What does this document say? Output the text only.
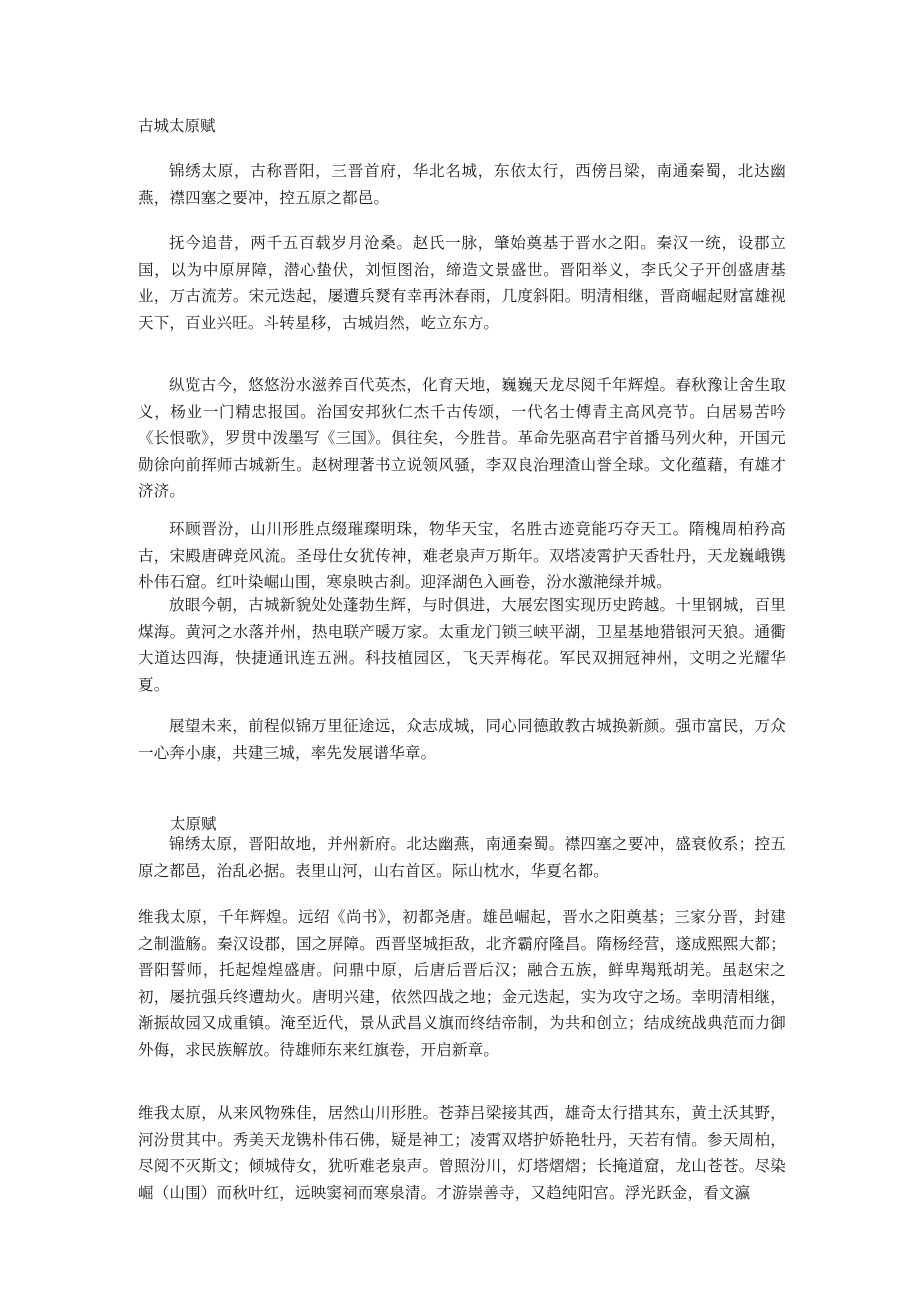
古城太原赋

锦绣太原，古称晋阳，三晋首府，华北名城，东依太行，西傍吕梁，南通秦蜀，北达幽燕，襟四塞之要冲，控五原之都邑。

抚今追昔，两千五百载岁月沧桑。赵氏一脉，肇始奠基于晋水之阳。秦汉一统，设郡立国，以为中原屏障，潜心蛰伏，刘恒图治，缔造文景盛世。晋阳举义，李氏父子开创盛唐基业，万古流芳。宋元迭起，屡遭兵燹有幸再沐春雨，几度斜阳。明清相继，晋商崛起财富雄视天下，百业兴旺。斗转星移，古城岿然，屹立东方。

纵览古今，悠悠汾水滋养百代英杰，化育天地，巍巍天龙尽阅千年辉煌。春秋豫让舍生取义，杨业一门精忠报国。治国安邦狄仁杰千古传颂，一代名士傅青主高风亮节。白居易苦吟《长恨歌》，罗贯中泼墨写《三国》。俱往矣，今胜昔。革命先驱高君宇首播马列火种，开国元勋徐向前挥师古城新生。赵树理著书立说领风骚，李双良治理渣山誉全球。文化蕴藉，有雄才济济。

环顾晋汾，山川形胜点缀璀璨明珠，物华天宝，名胜古迹竟能巧夺天工。隋槐周柏矜高古，宋殿唐碑竞风流。圣母仕女犹传神，难老泉声万斯年。双塔凌霄护天香牡丹，天龙巍峨镌朴伟石窟。红叶染崛山围，寒泉映古刹。迎泽湖色入画卷，汾水激滟绿并城。

放眼今朝，古城新貌处处蓬勃生辉，与时俱进，大展宏图实现历史跨越。十里钢城，百里煤海。黄河之水落并州，热电联产暖万家。太重龙门锁三峡平湖，卫星基地猎银河天狼。通衢大道达四海，快捷通讯连五洲。科技植园区，飞天弄梅花。军民双拥冠神州，文明之光耀华夏。

展望未来，前程似锦万里征途远，众志成城，同心同德敢教古城换新颜。强市富民，万众一心奔小康，共建三城，率先发展谱华章。

太原赋

锦绣太原，晋阳故地，并州新府。北达幽燕，南通秦蜀。襟四塞之要冲，盛衰攸系；控五原之都邑，治乱必据。表里山河，山右首区。际山枕水，华夏名都。

维我太原，千年辉煌。远绍《尚书》，初都尧唐。雄邑崛起，晋水之阳奠基；三家分晋，封建之制滥觞。秦汉设郡，国之屏障。西晋坚城拒敌，北齐霸府隆昌。隋杨经营，遂成熙熙大都；晋阳誓师，托起煌煌盛唐。问鼎中原，后唐后晋后汉；融合五族，鲜卑羯羝胡羌。虽赵宋之初，屡抗强兵终遭劫火。唐明兴建，依然四战之地；金元迭起，实为攻守之场。幸明清相继，渐振故园又成重镇。淹至近代，景从武昌义旗而终结帝制，为共和创立；结成统战典范而力御外侮，求民族解放。待雄师东来红旗卷，开启新章。

维我太原，从来风物殊佳，居然山川形胜。苍莽吕梁接其西，雄奇太行措其东，黄土沃其野，河汾贯其中。秀美天龙镌朴伟石佛，疑是神工；凌霄双塔护娇艳牡丹，天若有情。参天周柏，尽阅不灭斯文；倾城侍女，犹听难老泉声。曾照汾川，灯塔熠熠；长掩道窟，龙山苍苍。尽染崛（山围）而秋叶红，远映窦祠而寒泉清。才游崇善寺，又趋纯阳宫。浮光跃金，看文瀛
